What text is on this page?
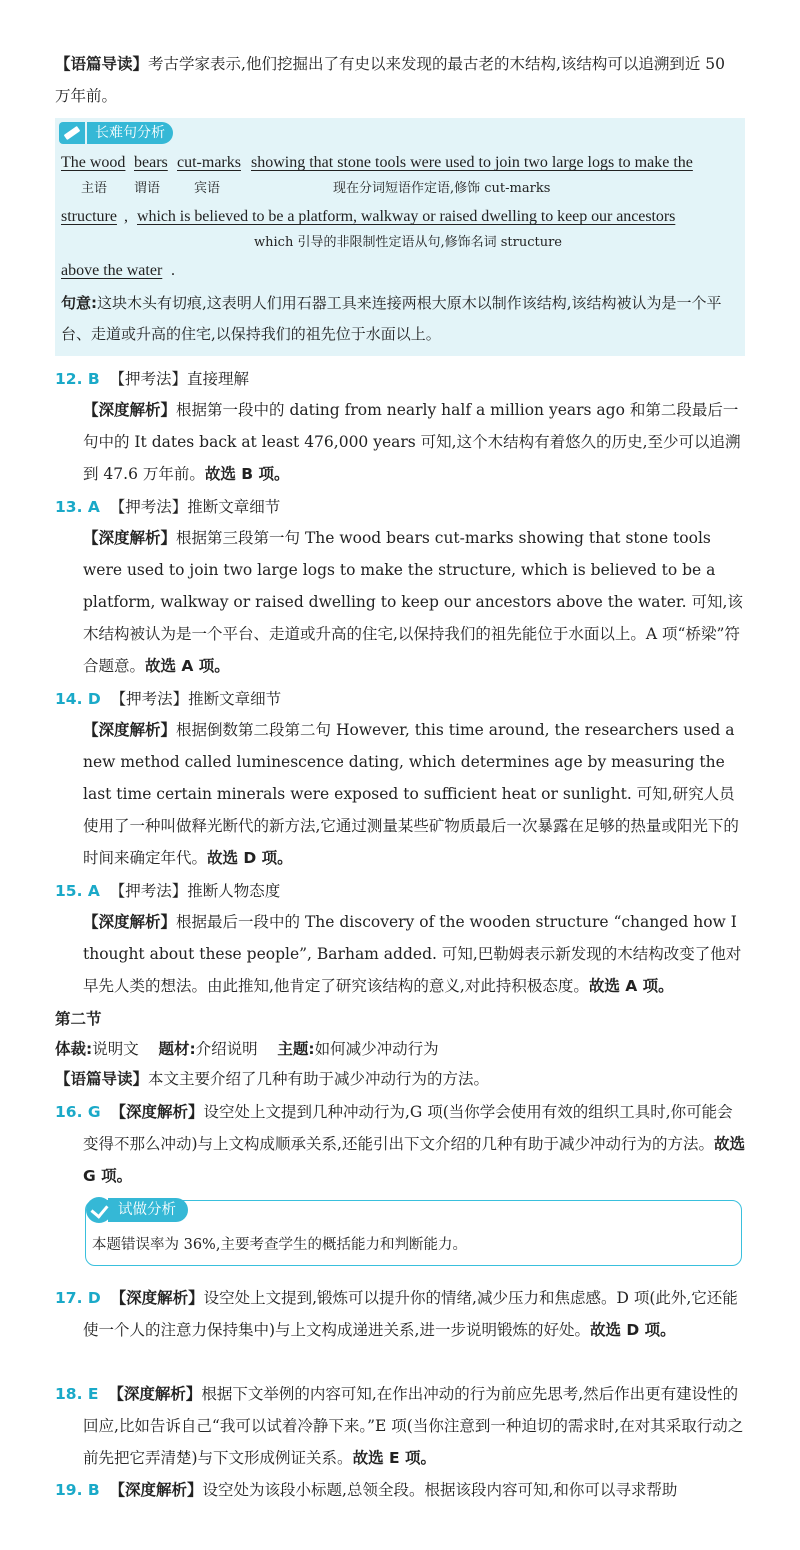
【语篇导读】考古学家表示,他们挖掘出了有史以来发现的最古老的木结构,该结构可以追溯到近 50 万年前。

长难句分析
The wood bears cut-marks showing that stone tools were used to join two large logs to make the
主语 谓语	宾语	现在分词短语作定语,修饰 cut-marks
structure , which is believed to be a platform, walkway or raised dwelling to keep our ancestors
which 引导的非限制性定语从句,修饰名词 structure
above the water .

句意:这块木头有切痕,这表明人们用石器工具来连接两根大原木以制作该结构,该结构被认为是一个平台、走道或升高的住宅,以保持我们的祖先位于水面以上。

12. B 【押考法】直接理解

【深度解析】根据第一段中的 dating from nearly half a million years ago 和第二段最后一句中的 It dates back at least 476,000 years 可知,这个木结构有着悠久的历史,至少可以追溯到 47.6 万年前。故选 B 项。

13. A 【押考法】推断文章细节

【深度解析】根据第三段第一句 The wood bears cut-marks showing that stone tools were used to join two large logs to make the structure, which is believed to be a platform, walkway or raised dwelling to keep our ancestors above the water. 可知,该木结构被认为是一个平台、走道或升高的住宅,以保持我们的祖先能位于水面以上。A 项“桥梁”符合题意。故选 A 项。

14. D 【押考法】推断文章细节

【深度解析】根据倒数第二段第二句 However, this time around, the researchers used a new method called luminescence dating, which determines age by measuring the last time certain minerals were exposed to sufficient heat or sunlight. 可知,研究人员使用了一种叫做释光断代的新方法,它通过测量某些矿物质最后一次暴露在足够的热量或阳光下的时间来确定年代。故选 D 项。

15. A 【押考法】推断人物态度

【深度解析】根据最后一段中的 The discovery of the wooden structure “changed how I thought about these people”, Barham added. 可知,巴勒姆表示新发现的木结构改变了他对早先人类的想法。由此推知,他肯定了研究该结构的意义,对此持积极态度。故选 A 项。

第二节

体裁:说明文 题材:介绍说明 主题:如何减少冲动行为

【语篇导读】本文主要介绍了几种有助于减少冲动行为的方法。

16. G 【深度解析】设空处上文提到几种冲动行为,G 项(当你学会使用有效的组织工具时,你可能会变得不那么冲动)与上文构成顺承关系,还能引出下文介绍的几种有助于减少冲动行为的方法。故选 G 项。

试做分析

本题错误率为 36%,主要考查学生的概括能力和判断能力。

17. D 【深度解析】设空处上文提到,锻炼可以提升你的情绪,减少压力和焦虑感。D 项(此外,它还能使一个人的注意力保持集中)与上文构成递进关系,进一步说明锻炼的好处。故选 D 项。

18. E 【深度解析】根据下文举例的内容可知,在作出冲动的行为前应先思考,然后作出更有建设性的回应,比如告诉自己“我可以试着冷静下来。”E 项(当你注意到一种迫切的需求时,在对其采取行动之前先把它弄清楚)与下文形成例证关系。故选 E 项。

19. B 【深度解析】设空处为该段小标题,总领全段。根据该段内容可知,和你可以寻求帮助
